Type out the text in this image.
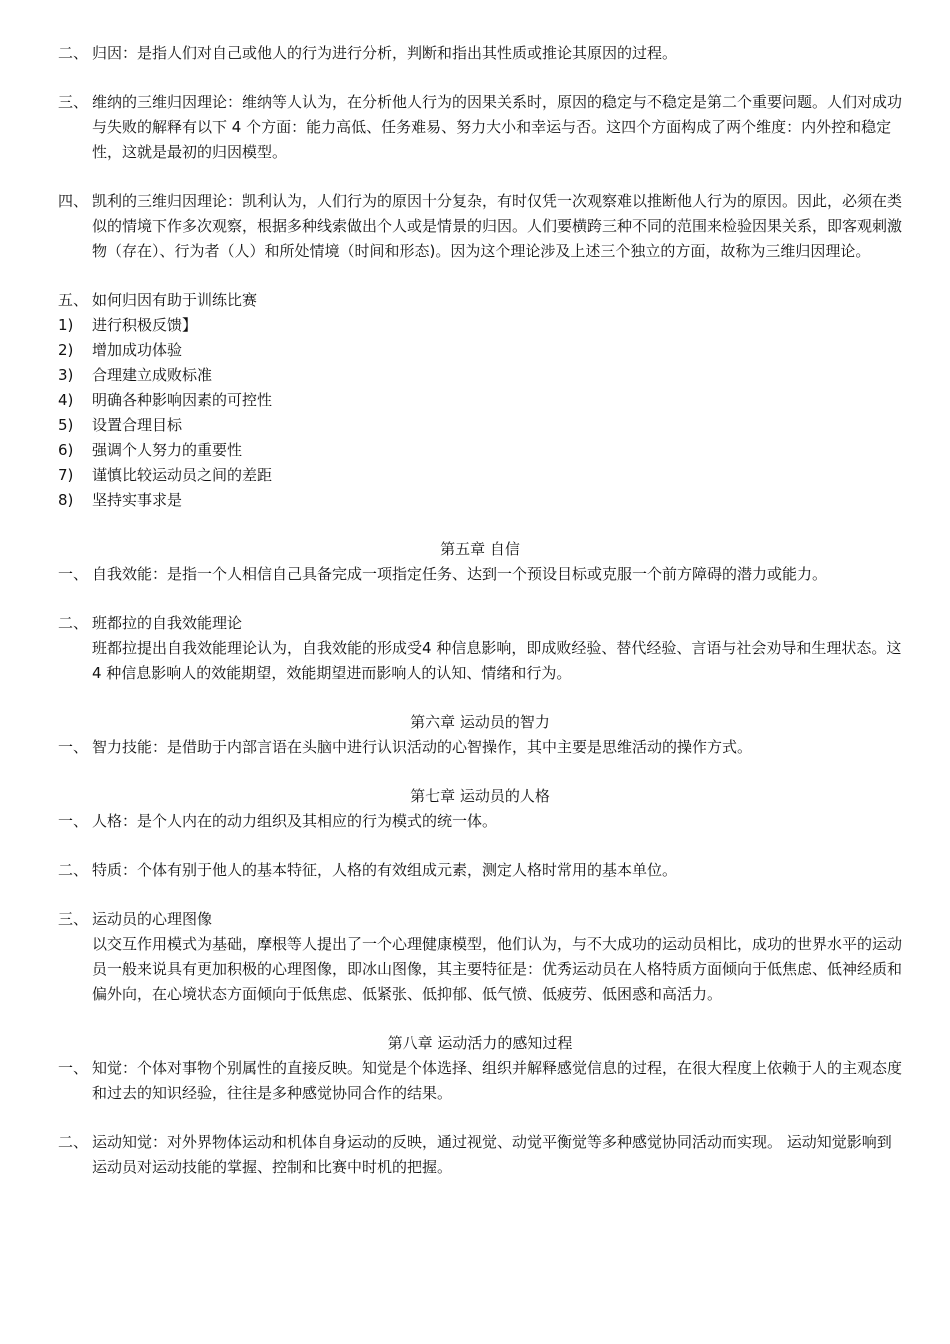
二、 归因：是指人们对自己或他人的行为进行分析，判断和指出其性质或推论其原因的过程。
三、 维纳的三维归因理论：维纳等人认为，在分析他人行为的因果关系时，原因的稳定与不稳定是第二个重要问题。人们对成功与失败的解释有以下 4 个方面：能力高低、任务难易、努力大小和幸运与否。这四个方面构成了两个维度：内外控和稳定性，这就是最初的归因模型。
四、 凯利的三维归因理论：凯利认为，人们行为的原因十分复杂，有时仅凭一次观察难以推断他人行为的原因。因此，必须在类似的情境下作多次观察，根据多种线索做出个人或是情景的归因。人们要横跨三种不同的范围来检验因果关系，即客观刺激物（存在）、行为者（人）和所处情境（时间和形态)。因为这个理论涉及上述三个独立的方面，故称为三维归因理论。
五、 如何归因有助于训练比赛
1) 进行积极反馈】
2) 增加成功体验
3) 合理建立成败标准
4) 明确各种影响因素的可控性
5) 设置合理目标
6) 强调个人努力的重要性
7) 谨慎比较运动员之间的差距
8) 坚持实事求是
第五章 自信
一、 自我效能：是指一个人相信自己具备完成一项指定任务、达到一个预设目标或克服一个前方障碍的潜力或能力。
二、 班都拉的自我效能理论
班都拉提出自我效能理论认为，自我效能的形成受4 种信息影响，即成败经验、替代经验、言语与社会劝导和生理状态。这 4 种信息影响人的效能期望，效能期望进而影响人的认知、情绪和行为。
第六章 运动员的智力
一、 智力技能：是借助于内部言语在头脑中进行认识活动的心智操作，其中主要是思维活动的操作方式。
第七章 运动员的人格
一、 人格：是个人内在的动力组织及其相应的行为模式的统一体。
二、 特质：个体有别于他人的基本特征，人格的有效组成元素，测定人格时常用的基本单位。
三、 运动员的心理图像
以交互作用模式为基础，摩根等人提出了一个心理健康模型，他们认为，与不大成功的运动员相比，成功的世界水平的运动员一般来说具有更加积极的心理图像，即冰山图像，其主要特征是：优秀运动员在人格特质方面倾向于低焦虑、低神经质和偏外向，在心境状态方面倾向于低焦虑、低紧张、低抑郁、低气愤、低疲劳、低困惑和高活力。
第八章 运动活力的感知过程
一、 知觉：个体对事物个别属性的直接反映。知觉是个体选择、组织并解释感觉信息的过程，在很大程度上依赖于人的主观态度和过去的知识经验，往往是多种感觉协同合作的结果。
二、 运动知觉：对外界物体运动和机体自身运动的反映，通过视觉、动觉平衡觉等多种感觉协同活动而实现。 运动知觉影响到运动员对运动技能的掌握、控制和比赛中时机的把握。
